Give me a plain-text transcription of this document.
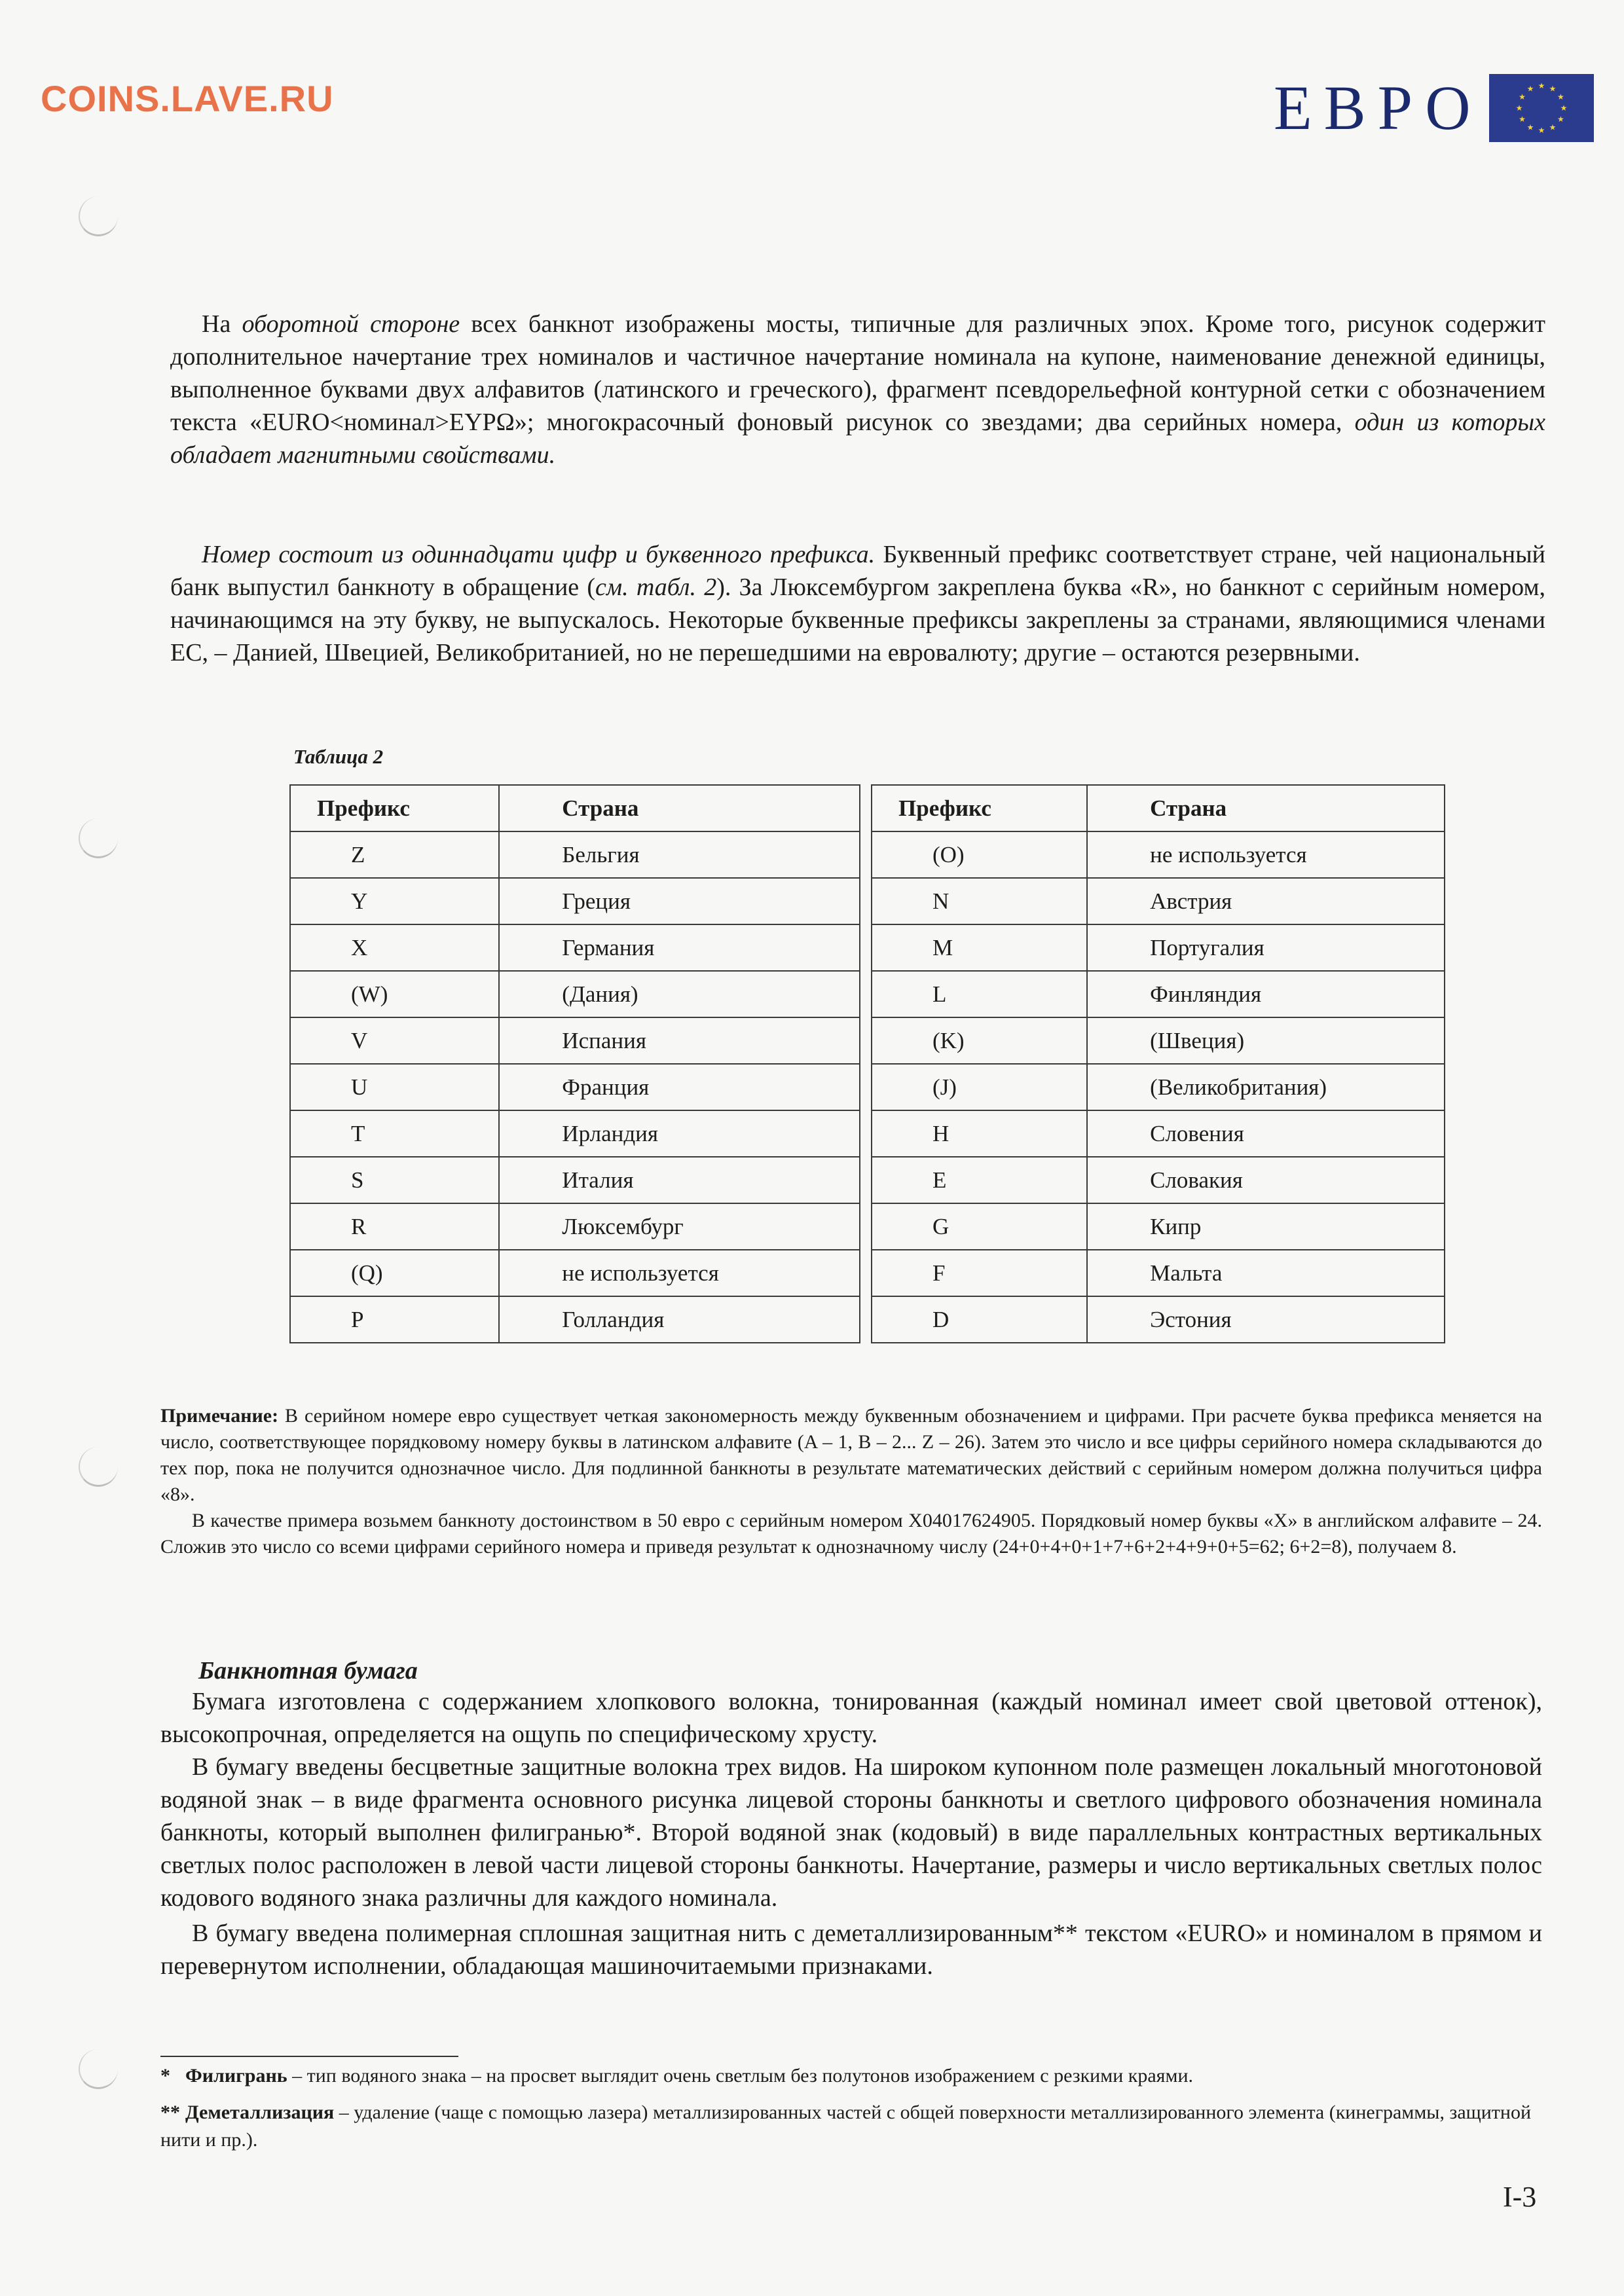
COINS.LAVE.RU	ЕВРО	★ ★
★
★
★
★
★
★
★
★
★
★

На оборотной стороне всех банкнот изображены мосты, типичные для различных эпох. Кроме того, рисунок содержит дополнительное начертание трех номиналов и частичное начертание номинала на купоне, наименование денежной единицы, выполненное буквами двух алфавитов (латинского и греческого), фрагмент псевдорельефной контурной сетки с обозначением текста «EURO<номинал>EYPΩ»; многокрасочный фоновый рисунок со звездами; два серийных номера, один из которых обладает магнитными свойствами.

Номер состоит из одиннадцати цифр и буквенного префикса. Буквенный префикс соответствует стране, чей национальный банк выпустил банкноту в обращение (см. табл. 2). За Люксембургом закреплена буква «R», но банкнот с серийным номером, начинающимся на эту букву, не выпускалось. Некоторые буквенные префиксы закреплены за странами, являющимися членами ЕС, – Данией, Швецией, Великобританией, но не перешедшими на евровалюту; другие – остаются резервными.

Таблица 2
Префикс	Страна
Z	Бельгия
Y	Греция
X	Германия
(W)	(Дания)
V	Испания
U	Франция
T	Ирландия
S	Италия
R	Люксембург
(Q)	не используется
P	Голландия
Префикс	Страна
(O)	не используется
N	Австрия
M	Португалия
L	Финляндия
(K)	(Швеция)
(J)	(Великобритания)
H	Словения
E	Словакия
G	Кипр
F	Мальта
D	Эстония

Примечание: В серийном номере евро существует четкая закономерность между буквенным обозначением и цифрами. При расчете буква префикса меняется на число, соответствующее порядковому номеру буквы в латинском алфавите (A – 1, B – 2... Z – 26). Затем это число и все цифры серийного номера складываются до тех пор, пока не получится однозначное число. Для подлинной банкноты в результате математических действий с серийным номером должна получиться цифра «8».

В качестве примера возьмем банкноту достоинством в 50 евро с серийным номером X04017624905. Порядковый номер буквы «X» в английском алфавите – 24. Сложив это число со всеми цифрами серийного номера и приведя результат к однозначному числу (24+0+4+0+1+7+6+2+4+9+0+5=62; 6+2=8), получаем 8.

Банкнотная бумага

Бумага изготовлена с содержанием хлопкового волокна, тонированная (каждый номинал имеет свой цветовой оттенок), высокопрочная, определяется на ощупь по специфическому хрусту.

В бумагу введены бесцветные защитные волокна трех видов. На широком купонном поле размещен локальный многотоновой водяной знак – в виде фрагмента основного рисунка лицевой стороны банкноты и светлого цифрового обозначения номинала банкноты, который выполнен филигранью*. Второй водяной знак (кодовый) в виде параллельных контрастных вертикальных светлых полос расположен в левой части лицевой стороны банкноты. Начертание, размеры и число вертикальных светлых полос кодового водяного знака различны для каждого номинала.

В бумагу введена полимерная сплошная защитная нить с деметаллизированным** текстом «EURO» и номиналом в прямом и перевернутом исполнении, обладающая машиночитаемыми признаками.

* Филигрань – тип водяного знака – на просвет выглядит очень светлым без полутонов изображением с резкими краями.
** Деметаллизация – удаление (чаще с помощью лазера) металлизированных частей с общей поверхности металлизированного элемента (кинеграммы, защитной нити и пр.).
I-3
